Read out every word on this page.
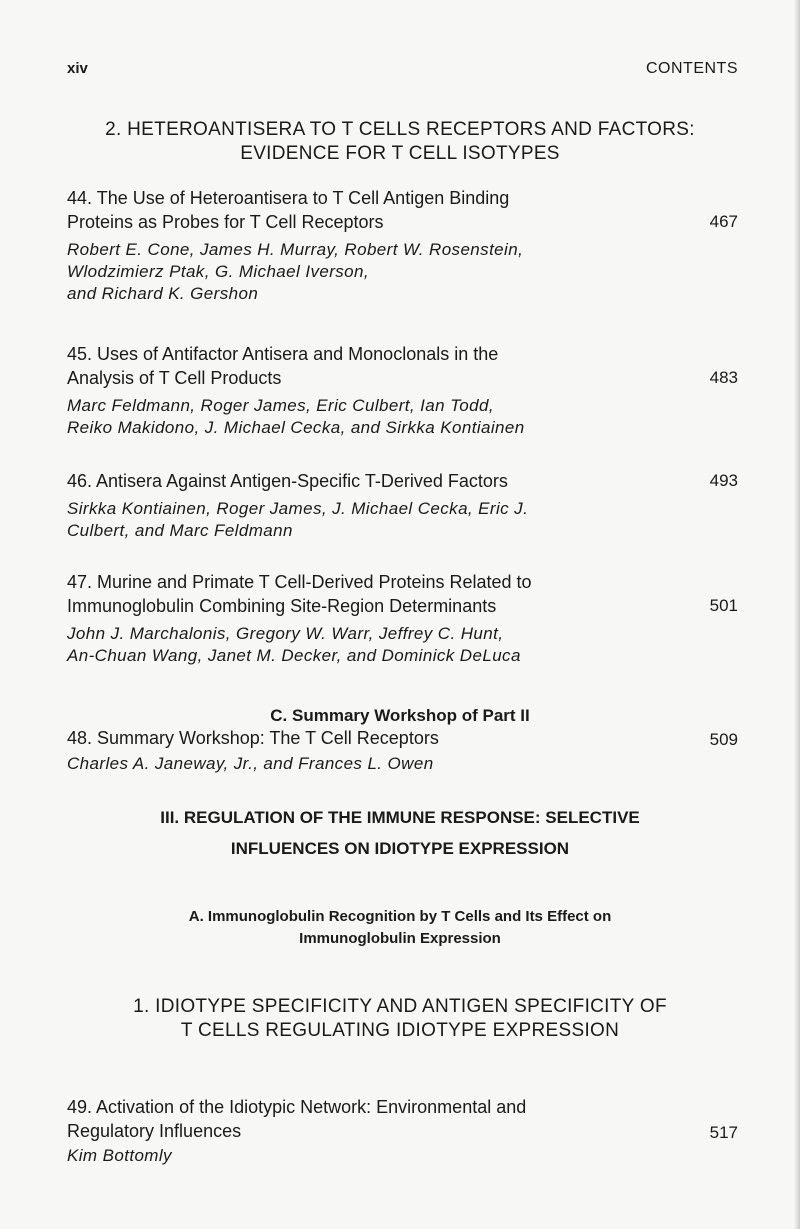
xiv	CONTENTS
2. HETEROANTISERA TO T CELLS RECEPTORS AND FACTORS:
EVIDENCE FOR T CELL ISOTYPES
44. The Use of Heteroantisera to T Cell Antigen Binding
Proteins as Probes for T Cell Receptors	467
Robert E. Cone, James H. Murray, Robert W. Rosenstein,
Wlodzimierz Ptak, G. Michael Iverson,
and Richard K. Gershon
45. Uses of Antifactor Antisera and Monoclonals in the
Analysis of T Cell Products	483
Marc Feldmann, Roger James, Eric Culbert, Ian Todd,
Reiko Makidono, J. Michael Cecka, and Sirkka Kontiainen
46. Antisera Against Antigen-Specific T-Derived Factors	493
Sirkka Kontiainen, Roger James, J. Michael Cecka, Eric J.
Culbert, and Marc Feldmann
47. Murine and Primate T Cell-Derived Proteins Related to
Immunoglobulin Combining Site-Region Determinants	501
John J. Marchalonis, Gregory W. Warr, Jeffrey C. Hunt,
An-Chuan Wang, Janet M. Decker, and Dominick DeLuca
C. Summary Workshop of Part II
48. Summary Workshop: The T Cell Receptors	509
Charles A. Janeway, Jr., and Frances L. Owen
III. REGULATION OF THE IMMUNE RESPONSE: SELECTIVE
INFLUENCES ON IDIOTYPE EXPRESSION
A. Immunoglobulin Recognition by T Cells and Its Effect on
Immunoglobulin Expression
1. IDIOTYPE SPECIFICITY AND ANTIGEN SPECIFICITY OF
T CELLS REGULATING IDIOTYPE EXPRESSION
49. Activation of the Idiotypic Network: Environmental and
Regulatory Influences	517
Kim Bottomly
